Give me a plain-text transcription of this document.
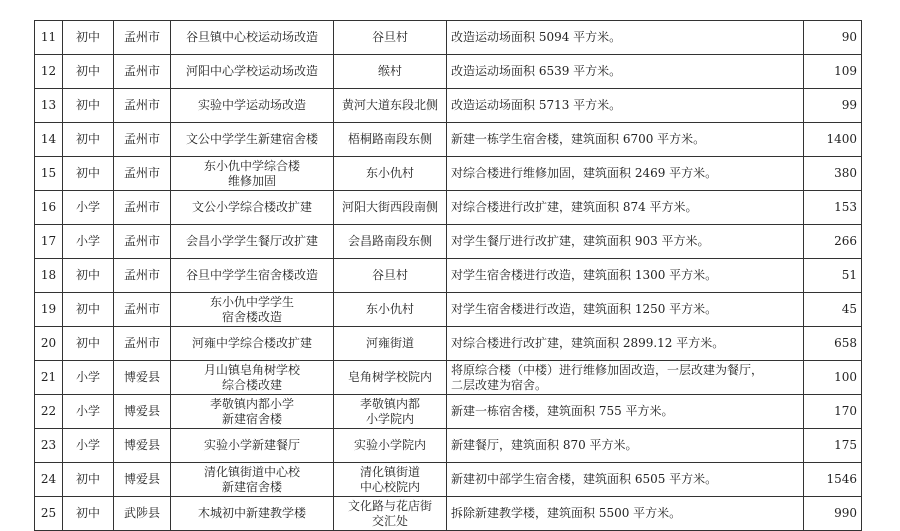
11	初中	孟州市	谷旦镇中心校运动场改造	谷旦村	改造运动场面积 5094 平方米。	90
12	初中	孟州市	河阳中心学校运动场改造	缑村	改造运动场面积 6539 平方米。	109
13	初中	孟州市	实验中学运动场改造	黄河大道东段北侧	改造运动场面积 5713 平方米。	99
14	初中	孟州市	文公中学学生新建宿舍楼	梧桐路南段东侧	新建一栋学生宿舍楼，建筑面积 6700 平方米。	1400
15	初中	孟州市	东小仇中学综合楼
维修加固	东小仇村	对综合楼进行维修加固，建筑面积 2469 平方米。	380
16	小学	孟州市	文公小学综合楼改扩建	河阳大街西段南侧	对综合楼进行改扩建，建筑面积 874 平方米。	153
17	小学	孟州市	会昌小学学生餐厅改扩建	会昌路南段东侧	对学生餐厅进行改扩建，建筑面积 903 平方米。	266
18	初中	孟州市	谷旦中学学生宿舍楼改造	谷旦村	对学生宿舍楼进行改造，建筑面积 1300 平方米。	51
19	初中	孟州市	东小仇中学学生
宿舍楼改造	东小仇村	对学生宿舍楼进行改造，建筑面积 1250 平方米。	45
20	初中	孟州市	河雍中学综合楼改扩建	河雍街道	对综合楼进行改扩建，建筑面积 2899.12 平方米。	658
21	小学	博爱县	月山镇皂角树学校
综合楼改建	皂角树学校院内	将原综合楼（中楼）进行维修加固改造，一层改建为餐厅，
二层改建为宿舍。	100
22	小学	博爱县	孝敬镇内都小学
新建宿舍楼	孝敬镇内都
小学院内	新建一栋宿舍楼，建筑面积 755 平方米。	170
23	小学	博爱县	实验小学新建餐厅	实验小学院内	新建餐厅，建筑面积 870 平方米。	175
24	初中	博爱县	清化镇街道中心校
新建宿舍楼	清化镇街道
中心校院内	新建初中部学生宿舍楼，建筑面积 6505 平方米。	1546
25	初中	武陟县	木城初中新建教学楼	文化路与花店街
交汇处	拆除新建教学楼，建筑面积 5500 平方米。	990
